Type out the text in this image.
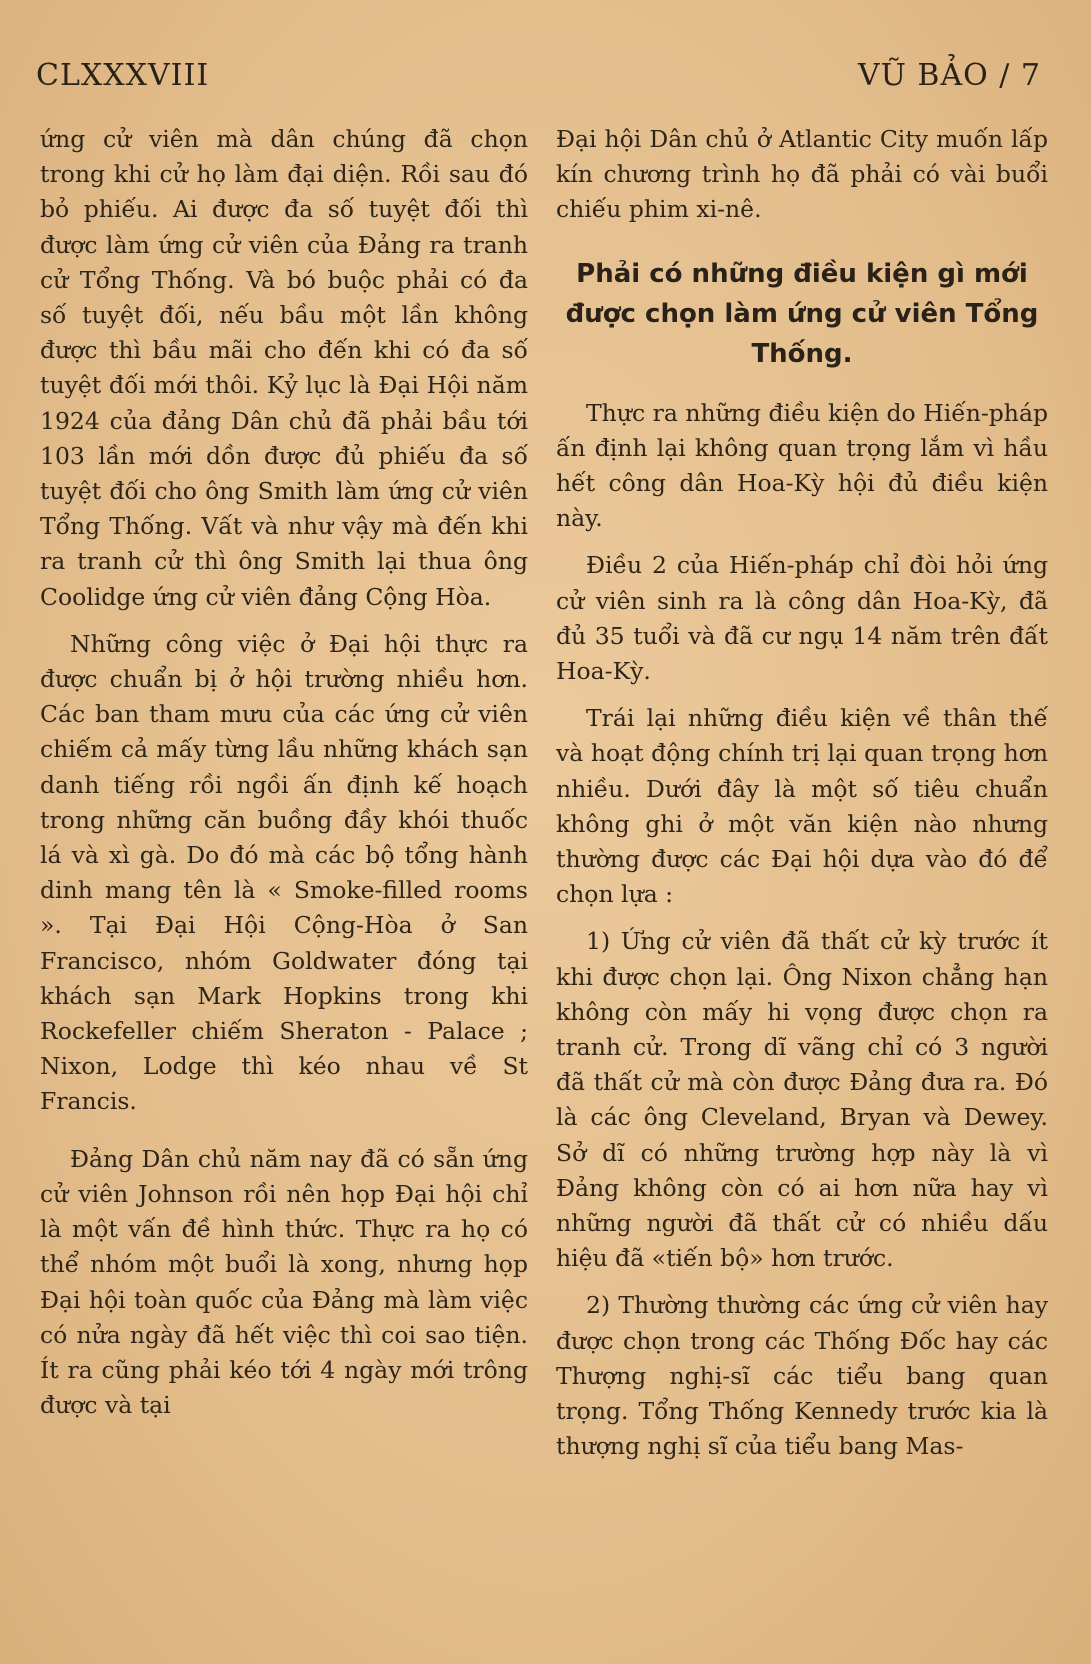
CLXXXVIII	VŨ BẢO / 7

ứng cử viên mà dân chúng đã chọn trong khi cử họ làm đại diện. Rồi sau đó bỏ phiếu. Ai được đa số tuyệt đối thì được làm ứng cử viên của Đảng ra tranh cử Tổng Thống. Và bó buộc phải có đa số tuyệt đối, nếu bầu một lần không được thì bầu mãi cho đến khi có đa số tuyệt đối mới thôi. Kỷ lục là Đại Hội năm 1924 của đảng Dân chủ đã phải bầu tới 103 lần mới dồn được đủ phiếu đa số tuyệt đối cho ông Smith làm ứng cử viên Tổng Thống. Vất và như vậy mà đến khi ra tranh cử thì ông Smith lại thua ông Coolidge ứng cử viên đảng Cộng Hòa.

Những công việc ở Đại hội thực ra được chuẩn bị ở hội trường nhiều hơn. Các ban tham mưu của các ứng cử viên chiếm cả mấy từng lầu những khách sạn danh tiếng rồi ngồi ấn định kế hoạch trong những căn buồng đầy khói thuốc lá và xì gà. Do đó mà các bộ tổng hành dinh mang tên là « Smoke-filled rooms ». Tại Đại Hội Cộng-Hòa ở San Francisco, nhóm Goldwater đóng tại khách sạn Mark Hopkins trong khi Rockefeller chiếm Sheraton - Palace ; Nixon, Lodge thì kéo nhau về St Francis.

Đảng Dân chủ năm nay đã có sẵn ứng cử viên Johnson rồi nên họp Đại hội chỉ là một vấn đề hình thức. Thực ra họ có thể nhóm một buổi là xong, nhưng họp Đại hội toàn quốc của Đảng mà làm việc có nửa ngày đã hết việc thì coi sao tiện. Ít ra cũng phải kéo tới 4 ngày mới trông được và tại

Đại hội Dân chủ ở Atlantic City muốn lấp kín chương trình họ đã phải có vài buổi chiếu phim xi-nê.

Phải có những điều kiện gì mới được chọn làm ứng cử viên Tổng Thống.

Thực ra những điều kiện do Hiến-pháp ấn định lại không quan trọng lắm vì hầu hết công dân Hoa-Kỳ hội đủ điều kiện này.

Điều 2 của Hiến-pháp chỉ đòi hỏi ứng cử viên sinh ra là công dân Hoa-Kỳ, đã đủ 35 tuổi và đã cư ngụ 14 năm trên đất Hoa-Kỳ.

Trái lại những điều kiện về thân thế và hoạt động chính trị lại quan trọng hơn nhiều. Dưới đây là một số tiêu chuẩn không ghi ở một văn kiện nào nhưng thường được các Đại hội dựa vào đó để chọn lựa :

1) Ứng cử viên đã thất cử kỳ trước ít khi được chọn lại. Ông Nixon chẳng hạn không còn mấy hi vọng được chọn ra tranh cử. Trong dĩ vãng chỉ có 3 người đã thất cử mà còn được Đảng đưa ra. Đó là các ông Cleveland, Bryan và Dewey. Sở dĩ có những trường hợp này là vì Đảng không còn có ai hơn nữa hay vì những người đã thất cử có nhiều dấu hiệu đã «tiến bộ» hơn trước.

2) Thường thường các ứng cử viên hay được chọn trong các Thống Đốc hay các Thượng nghị-sĩ các tiểu bang quan trọng. Tổng Thống Kennedy trước kia là thượng nghị sĩ của tiểu bang Mas-
